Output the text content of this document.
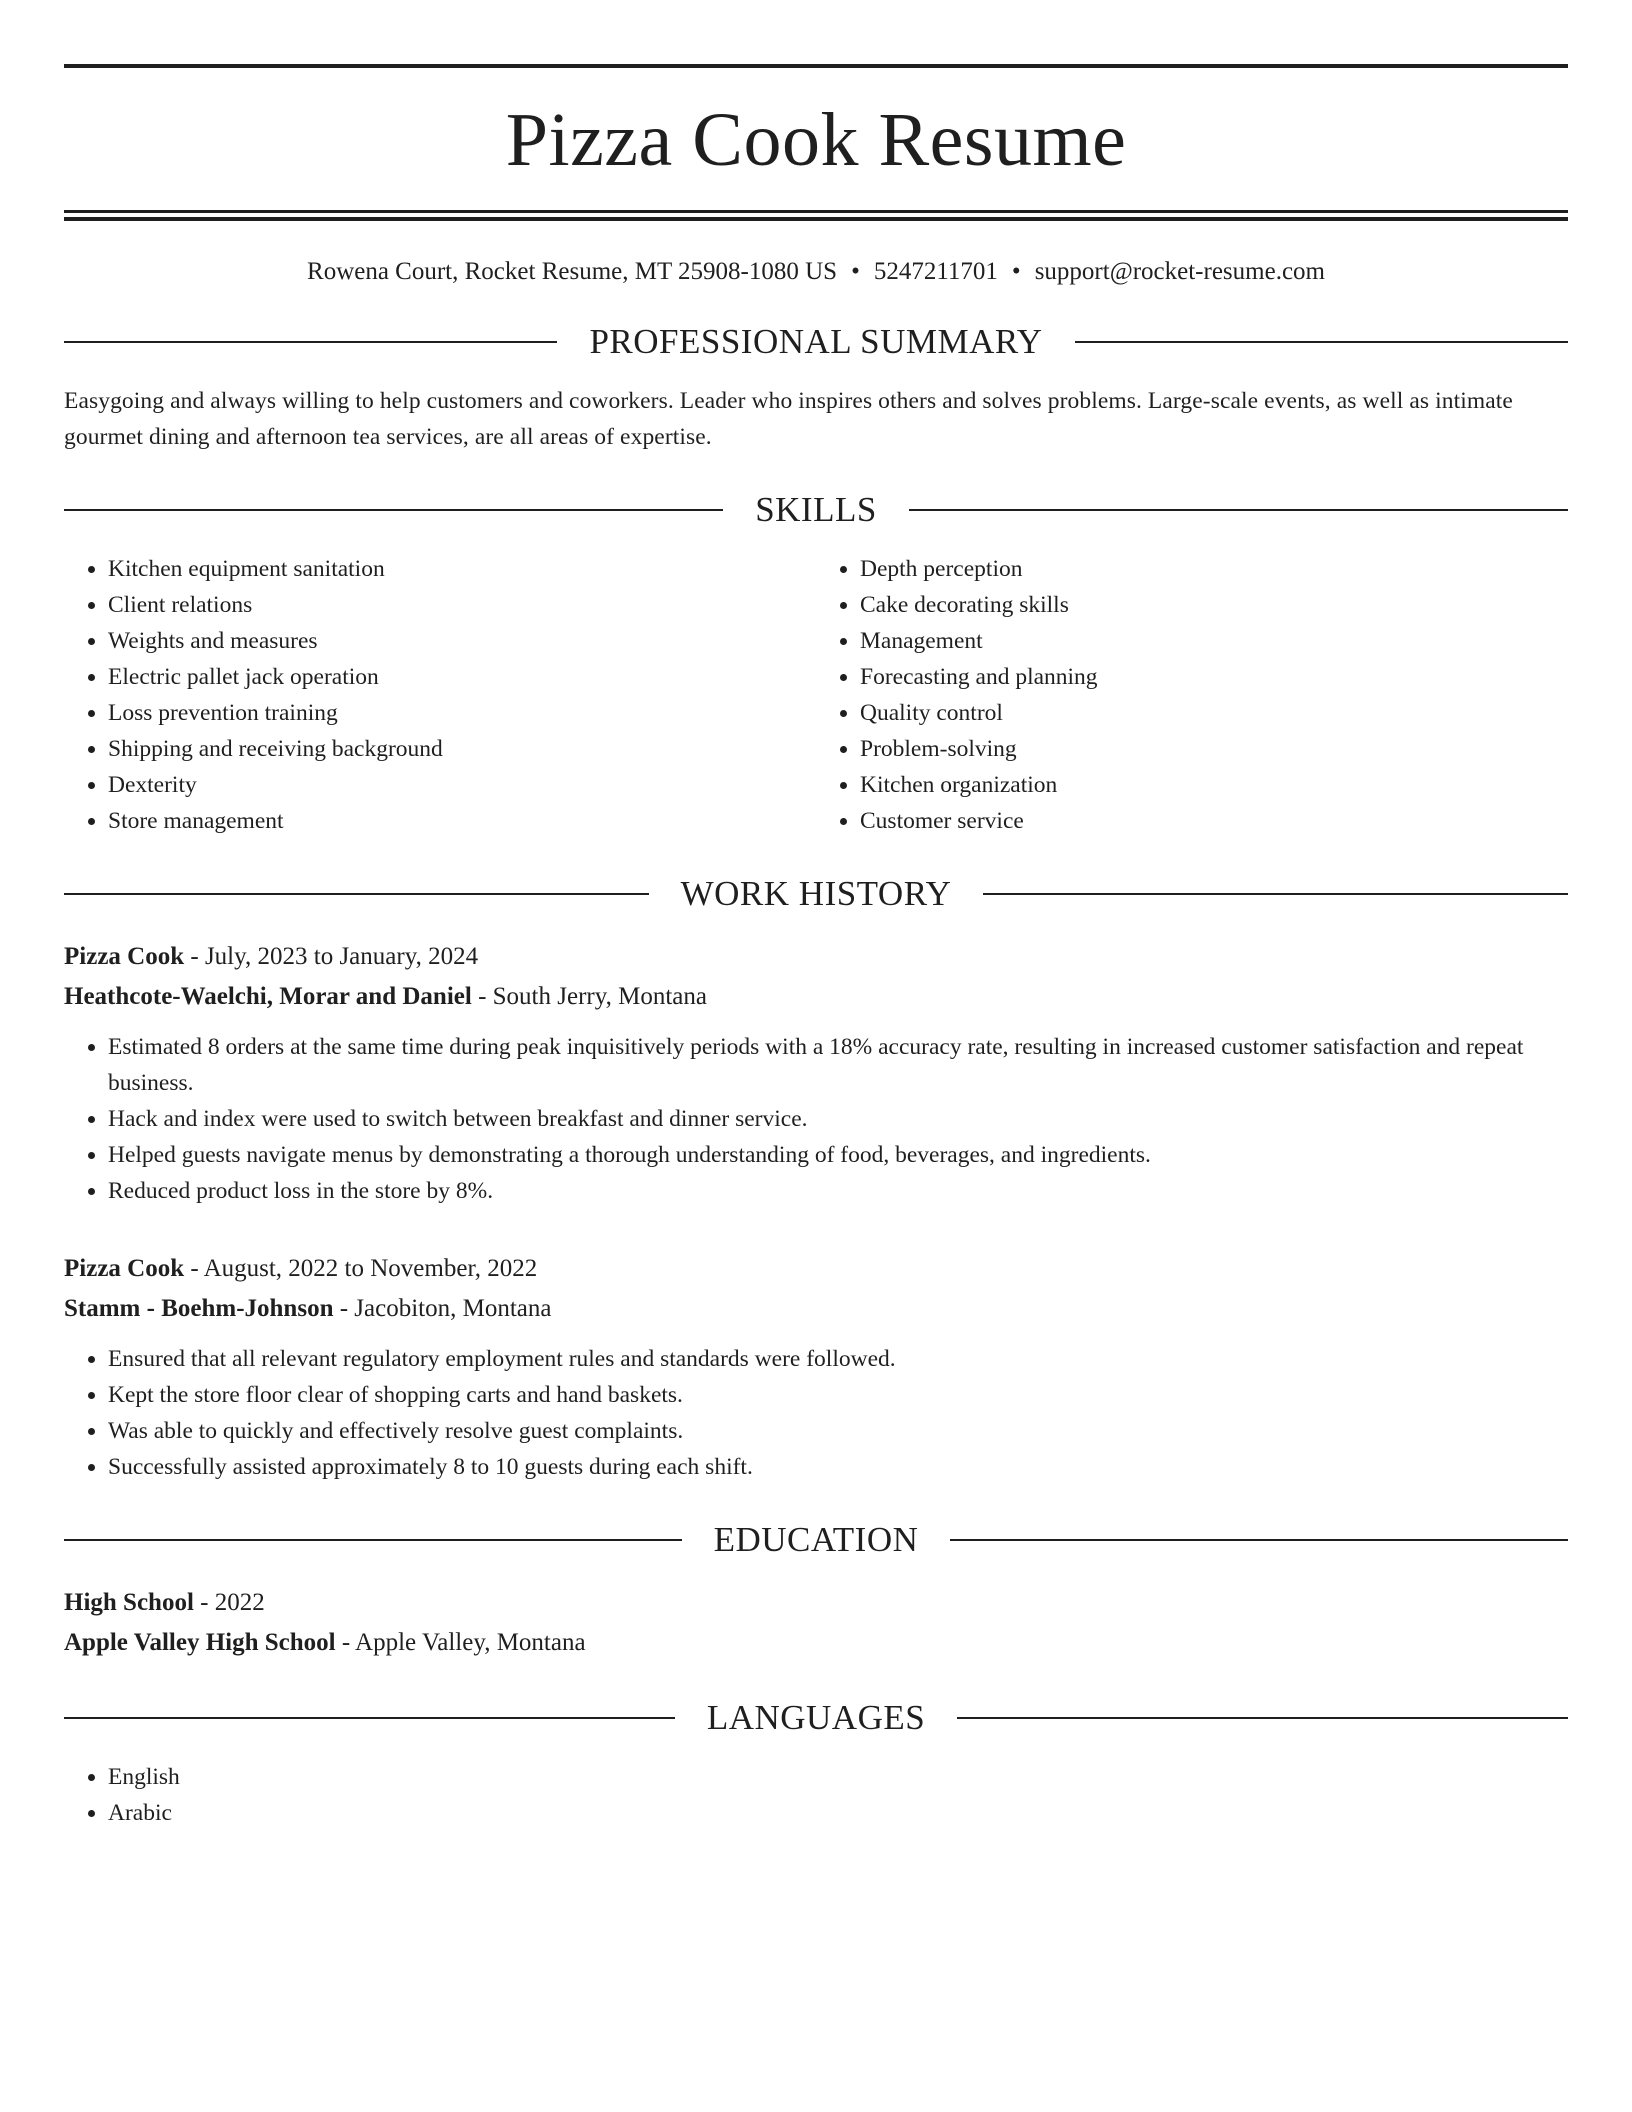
Pizza Cook Resume
Rowena Court, Rocket Resume, MT 25908-1080 US • 5247211701 • support@rocket-resume.com
PROFESSIONAL SUMMARY
Easygoing and always willing to help customers and coworkers. Leader who inspires others and solves problems. Large-scale events, as well as intimate gourmet dining and afternoon tea services, are all areas of expertise.
SKILLS
• Kitchen equipment sanitation
• Client relations
• Weights and measures
• Electric pallet jack operation
• Loss prevention training
• Shipping and receiving background
• Dexterity
• Store management
• Depth perception
• Cake decorating skills
• Management
• Forecasting and planning
• Quality control
• Problem-solving
• Kitchen organization
• Customer service
WORK HISTORY
Pizza Cook - July, 2023 to January, 2024
Heathcote-Waelchi, Morar and Daniel - South Jerry, Montana
• Estimated 8 orders at the same time during peak inquisitively periods with a 18% accuracy rate, resulting in increased customer satisfaction and repeat business.
• Hack and index were used to switch between breakfast and dinner service.
• Helped guests navigate menus by demonstrating a thorough understanding of food, beverages, and ingredients.
• Reduced product loss in the store by 8%.
Pizza Cook - August, 2022 to November, 2022
Stamm - Boehm-Johnson - Jacobiton, Montana
• Ensured that all relevant regulatory employment rules and standards were followed.
• Kept the store floor clear of shopping carts and hand baskets.
• Was able to quickly and effectively resolve guest complaints.
• Successfully assisted approximately 8 to 10 guests during each shift.
EDUCATION
High School - 2022
Apple Valley High School - Apple Valley, Montana
LANGUAGES
• English
• Arabic
